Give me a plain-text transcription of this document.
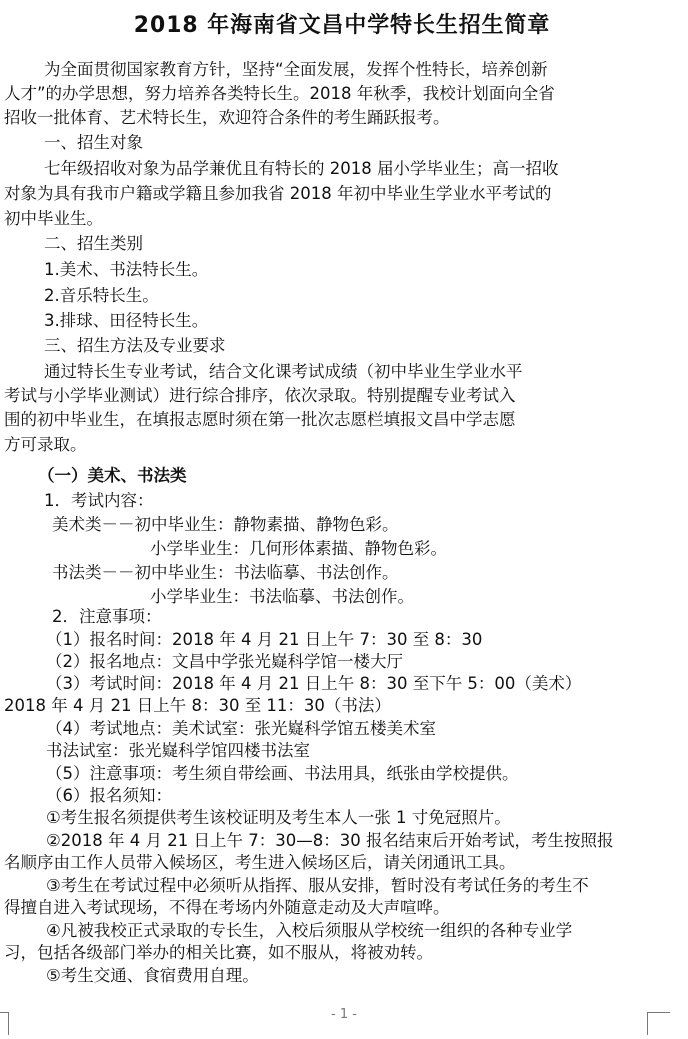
2018 年海南省文昌中学特长生招生简章
为全面贯彻国家教育方针，坚持“全面发展，发挥个性特长，培养创新
人才”的办学思想，努力培养各类特长生。2018 年秋季，我校计划面向全省
招收一批体育、艺术特长生，欢迎符合条件的考生踊跃报考。
一、招生对象
七年级招收对象为品学兼优且有特长的 2018 届小学毕业生；高一招收
对象为具有我市户籍或学籍且参加我省 2018 年初中毕业生学业水平考试的
初中毕业生。
二、招生类别
1.美术、书法特长生。
2.音乐特长生。
3.排球、田径特长生。
三、招生方法及专业要求
通过特长生专业考试，结合文化课考试成绩（初中毕业生学业水平
考试与小学毕业测试）进行综合排序，依次录取。特别提醒专业考试入
围的初中毕业生，在填报志愿时须在第一批次志愿栏填报文昌中学志愿
方可录取。
（一）美术、书法类
1．考试内容：
美术类－－初中毕业生：静物素描、静物色彩。
小学毕业生：几何形体素描、静物色彩。
书法类－－初中毕业生：书法临摹、书法创作。
小学毕业生：书法临摹、书法创作。
2．注意事项：
（1）报名时间：2018 年 4 月 21 日上午 7：30 至 8：30
（2）报名地点：文昌中学张光嶷科学馆一楼大厅
（3）考试时间：2018 年 4 月 21 日上午 8：30 至下午 5：00（美术）
2018 年 4 月 21 日上午 8：30 至 11：30（书法）
（4）考试地点：美术试室：张光嶷科学馆五楼美术室
书法试室：张光嶷科学馆四楼书法室
（5）注意事项：考生须自带绘画、书法用具，纸张由学校提供。
（6）报名须知：
①考生报名须提供考生该校证明及考生本人一张 1 寸免冠照片。
②2018 年 4 月 21 日上午 7：30—8：30 报名结束后开始考试，考生按照报
名顺序由工作人员带入候场区，考生进入候场区后，请关闭通讯工具。
③考生在考试过程中必须听从指挥、服从安排，暂时没有考试任务的考生不
得擅自进入考试现场，不得在考场内外随意走动及大声喧哗。
④凡被我校正式录取的专长生，入校后须服从学校统一组织的各种专业学
习，包括各级部门举办的相关比赛，如不服从，将被劝转。
⑤考生交通、食宿费用自理。
- 1 -
